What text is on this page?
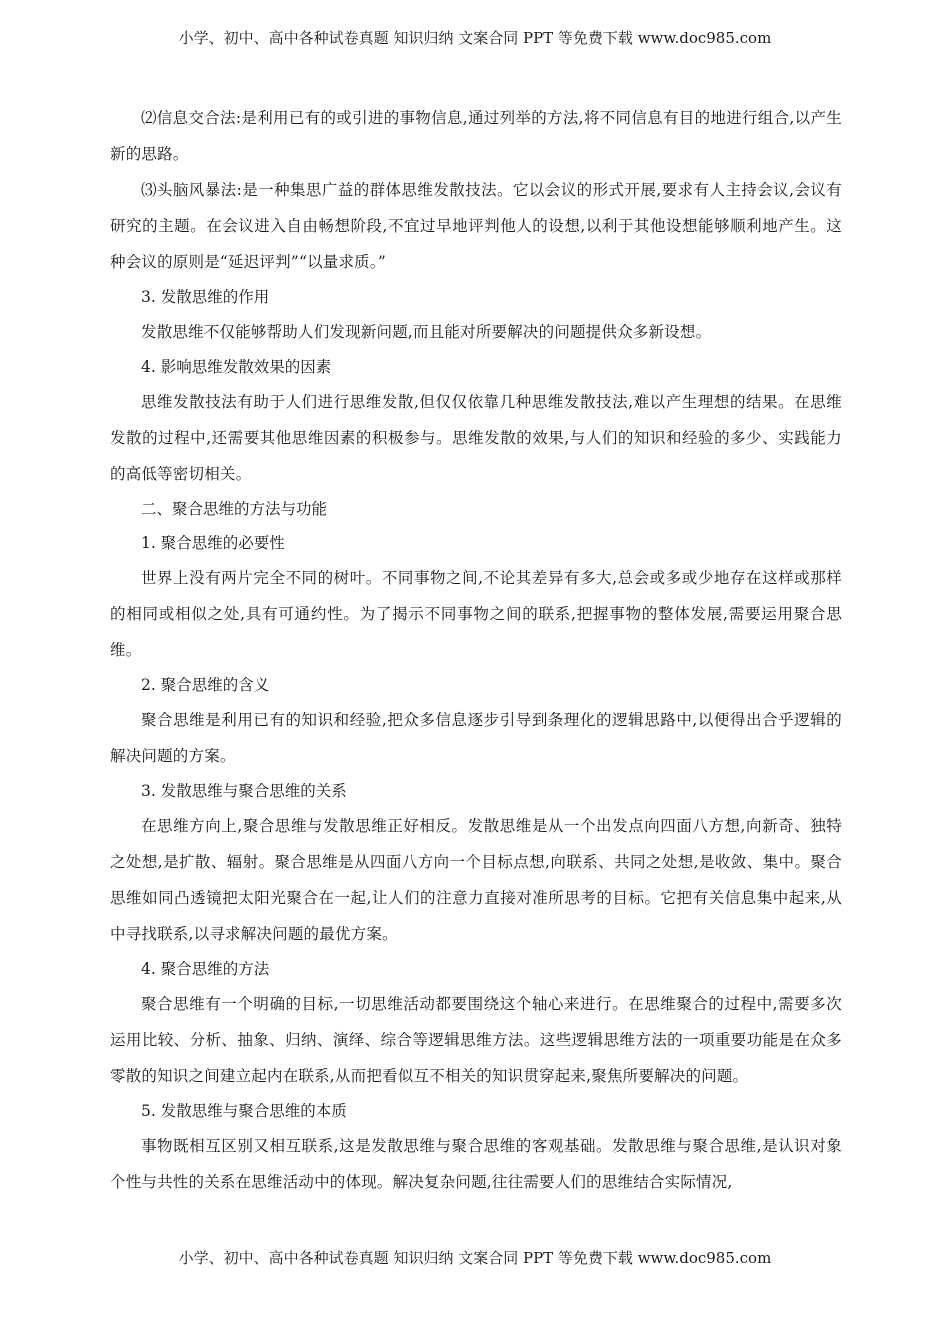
小学、初中、高中各种试卷真题 知识归纳 文案合同 PPT 等免费下载 www.doc985.com

⑵信息交合法:是利用已有的或引进的事物信息,通过列举的方法,将不同信息有目的地进行组合,以产生新的思路。

⑶头脑风暴法:是一种集思广益的群体思维发散技法。它以会议的形式开展,要求有人主持会议,会议有研究的主题。在会议进入自由畅想阶段,不宜过早地评判他人的设想,以利于其他设想能够顺利地产生。这种会议的原则是“延迟评判”“以量求质。”

3. 发散思维的作用

发散思维不仅能够帮助人们发现新问题,而且能对所要解决的问题提供众多新设想。

4. 影响思维发散效果的因素

思维发散技法有助于人们进行思维发散,但仅仅依靠几种思维发散技法,难以产生理想的结果。在思维发散的过程中,还需要其他思维因素的积极参与。思维发散的效果,与人们的知识和经验的多少、实践能力的高低等密切相关。

二、聚合思维的方法与功能

1. 聚合思维的必要性

世界上没有两片完全不同的树叶。不同事物之间,不论其差异有多大,总会或多或少地存在这样或那样的相同或相似之处,具有可通约性。为了揭示不同事物之间的联系,把握事物的整体发展,需要运用聚合思维。

2. 聚合思维的含义

聚合思维是利用已有的知识和经验,把众多信息逐步引导到条理化的逻辑思路中,以便得出合乎逻辑的解决问题的方案。

3. 发散思维与聚合思维的关系

在思维方向上,聚合思维与发散思维正好相反。发散思维是从一个出发点向四面八方想,向新奇、独特之处想,是扩散、辐射。聚合思维是从四面八方向一个目标点想,向联系、共同之处想,是收敛、集中。聚合思维如同凸透镜把太阳光聚合在一起,让人们的注意力直接对准所思考的目标。它把有关信息集中起来,从中寻找联系,以寻求解决问题的最优方案。

4. 聚合思维的方法

聚合思维有一个明确的目标,一切思维活动都要围绕这个轴心来进行。在思维聚合的过程中,需要多次运用比较、分析、抽象、归纳、演绎、综合等逻辑思维方法。这些逻辑思维方法的一项重要功能是在众多零散的知识之间建立起内在联系,从而把看似互不相关的知识贯穿起来,聚焦所要解决的问题。

5. 发散思维与聚合思维的本质

事物既相互区别又相互联系,这是发散思维与聚合思维的客观基础。发散思维与聚合思维,是认识对象个性与共性的关系在思维活动中的体现。解决复杂问题,往往需要人们的思维结合实际情况,

小学、初中、高中各种试卷真题 知识归纳 文案合同 PPT 等免费下载 www.doc985.com
